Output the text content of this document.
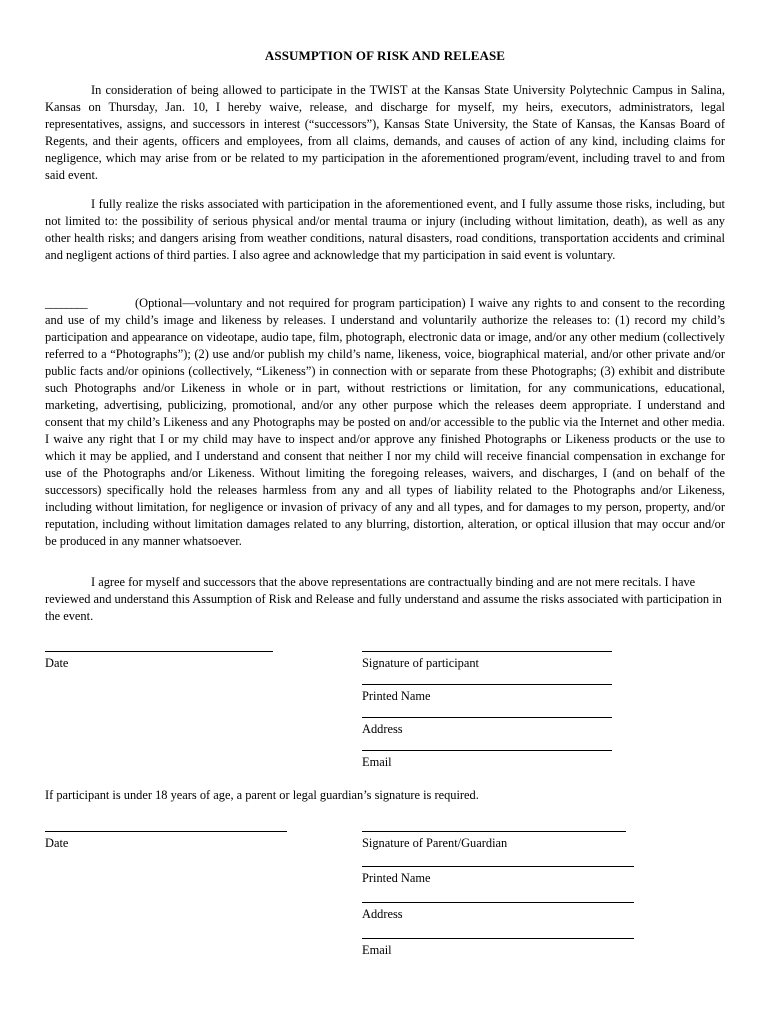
ASSUMPTION OF RISK AND RELEASE

In consideration of being allowed to participate in the TWIST at the Kansas State University Polytechnic Campus in Salina, Kansas on Thursday, Jan. 10, I hereby waive, release, and discharge for myself, my heirs, executors, administrators, legal representatives, assigns, and successors in interest (“successors”), Kansas State University, the State of Kansas, the Kansas Board of Regents, and their agents, officers and employees, from all claims, demands, and causes of action of any kind, including claims for negligence, which may arise from or be related to my participation in the aforementioned program/event, including travel to and from said event.

I fully realize the risks associated with participation in the aforementioned event, and I fully assume those risks, including, but not limited to: the possibility of serious physical and/or mental trauma or injury (including without limitation, death), as well as any other health risks; and dangers arising from weather conditions, natural disasters, road conditions, transportation accidents and criminal and negligent actions of third parties. I also agree and acknowledge that my participation in said event is voluntary.

________	(Optional—voluntary and not required for program participation) I waive any rights to and consent to the recording and use of my child’s image and likeness by releases. I understand and voluntarily authorize the releases to: (1) record my child’s participation and appearance on videotape, audio tape, film, photograph, electronic data or image, and/or any other medium (collectively referred to a “Photographs”); (2) use and/or publish my child’s name, likeness, voice, biographical material, and/or other private and/or public facts and/or opinions (collectively, “Likeness”) in connection with or separate from these Photographs; (3) exhibit and distribute such Photographs and/or Likeness in whole or in part, without restrictions or limitation, for any communications, educational, marketing, advertising, publicizing, promotional, and/or any other purpose which the releases deem appropriate. I understand and consent that my child’s Likeness and any Photographs may be posted on and/or accessible to the public via the Internet and other media. I waive any right that I or my child may have to inspect and/or approve any finished Photographs or Likeness products or the use to which it may be applied, and I understand and consent that neither I nor my child will receive financial compensation in exchange for use of the Photographs and/or Likeness. Without limiting the foregoing releases, waivers, and discharges, I (and on behalf of the successors) specifically hold the releases harmless from any and all types of liability related to the Photographs and/or Likeness, including without limitation, for negligence or invasion of privacy of any and all types, and for damages to my person, property, and/or reputation, including without limitation damages related to any blurring, distortion, alteration, or optical illusion that may occur and/or be produced in any manner whatsoever.

I agree for myself and successors that the above representations are contractually binding and are not mere recitals. I have reviewed and understand this Assumption of Risk and Release and fully understand and assume the risks associated with participation in the event.

Date	Signature of participant
Printed Name
Address
Email
If participant is under 18 years of age, a parent or legal guardian’s signature is required.
Date	Signature of Parent/Guardian
Printed Name
Address
Email
